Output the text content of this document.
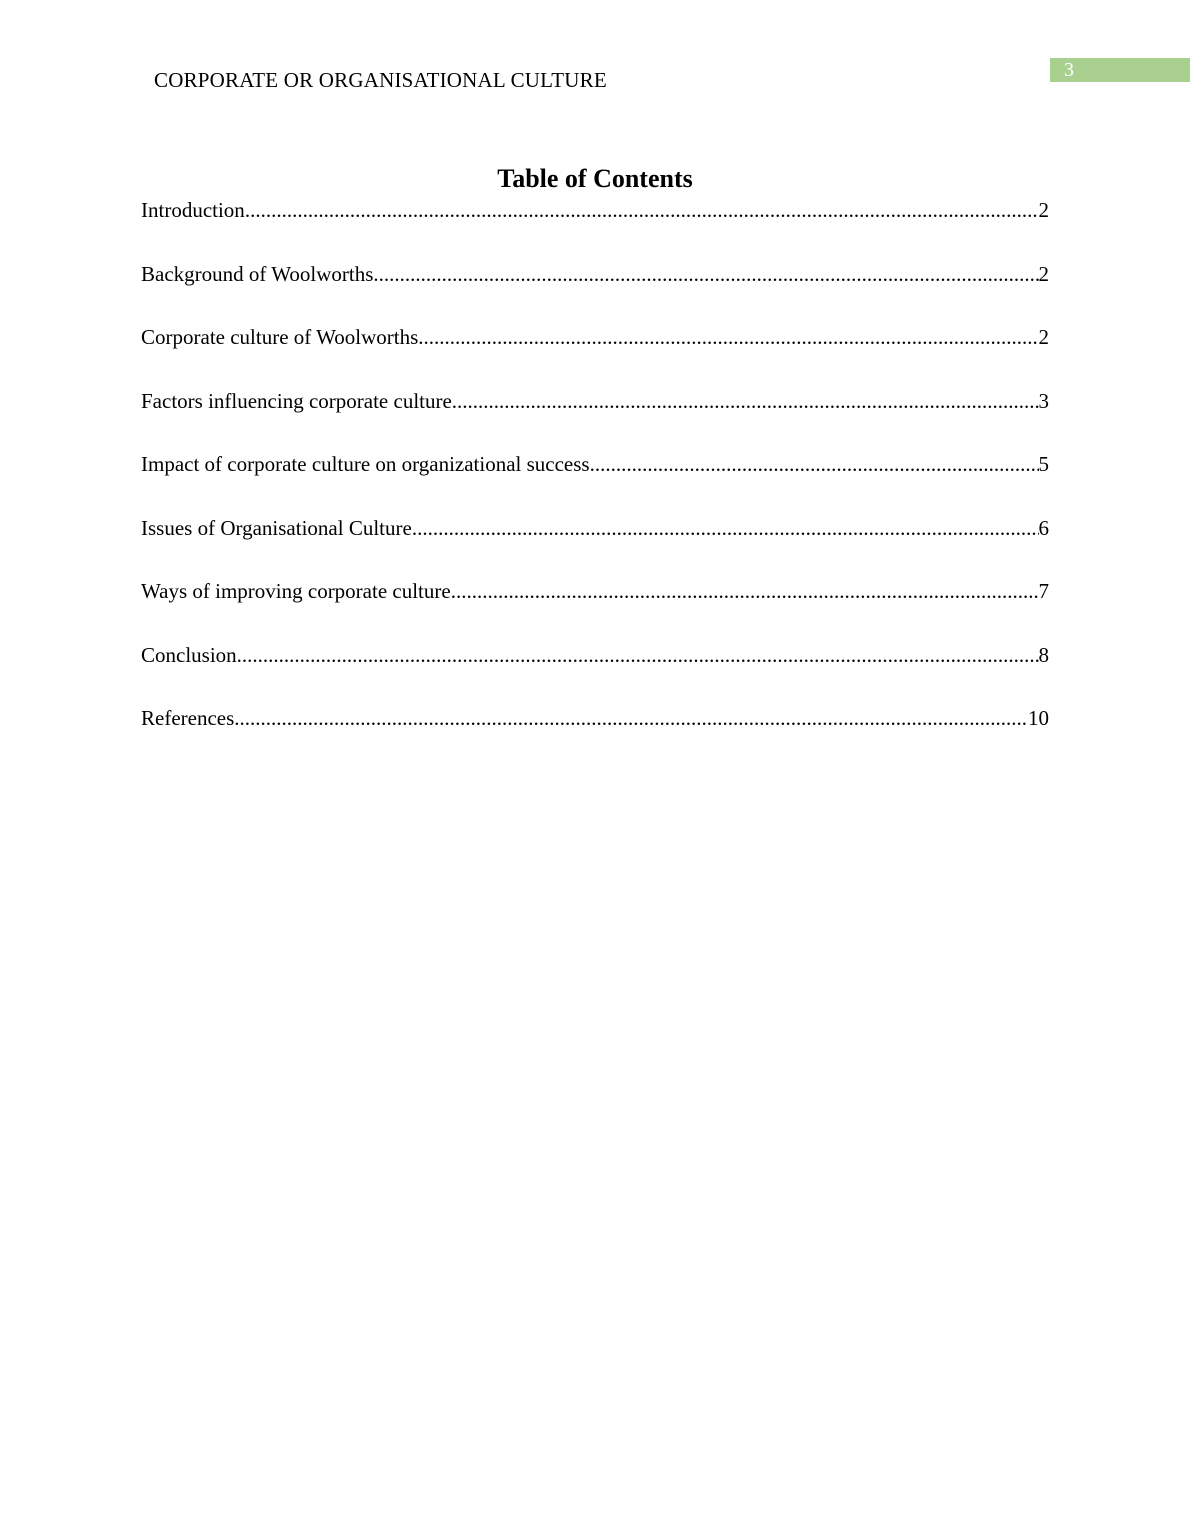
CORPORATE OR ORGANISATIONAL CULTURE	3
Table of Contents
Introduction .....	2
Background of Woolworths .....	2
Corporate culture of Woolworths .....	2
Factors influencing corporate culture .....	3
Impact of corporate culture on organizational success .....	5
Issues of Organisational Culture .....	6
Ways of improving corporate culture .....	7
Conclusion .....	8
References .....	10
